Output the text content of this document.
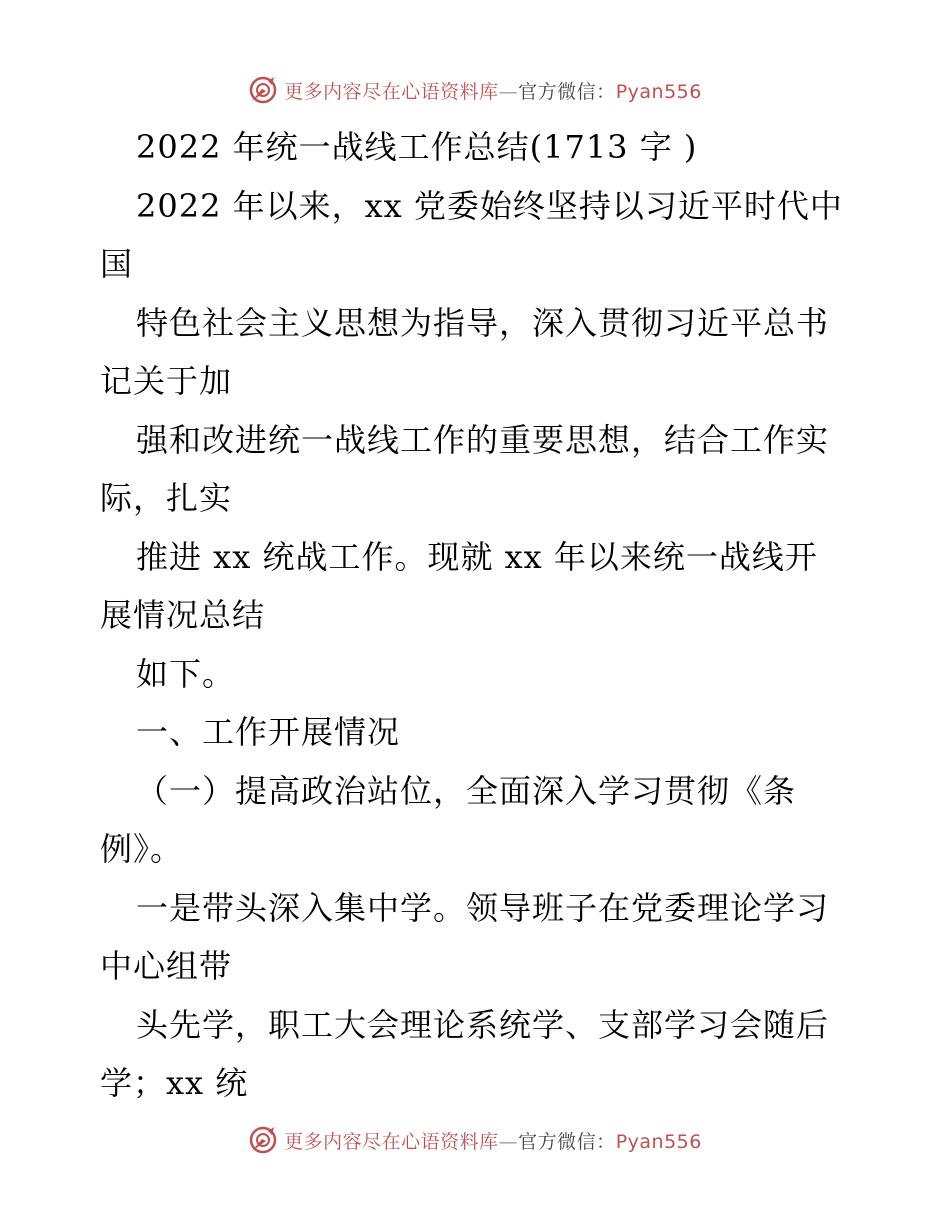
更多内容尽在心语资料库—官方微信：Pyan556
2022 年统一战线工作总结(1713 字 )
2022 年以来，xx 党委始终坚持以习近平时代中
国
特色社会主义思想为指导，深入贯彻习近平总书
记关于加
强和改进统一战线工作的重要思想，结合工作实
际，扎实
推进 xx 统战工作。现就 xx 年以来统一战线开
展情况总结
如下。
一、工作开展情况
（一）提高政治站位，全面深入学习贯彻《条
例》。
一是带头深入集中学。领导班子在党委理论学习
中心组带
头先学，职工大会理论系统学、支部学习会随后
学；xx 统
更多内容尽在心语资料库—官方微信：Pyan556
